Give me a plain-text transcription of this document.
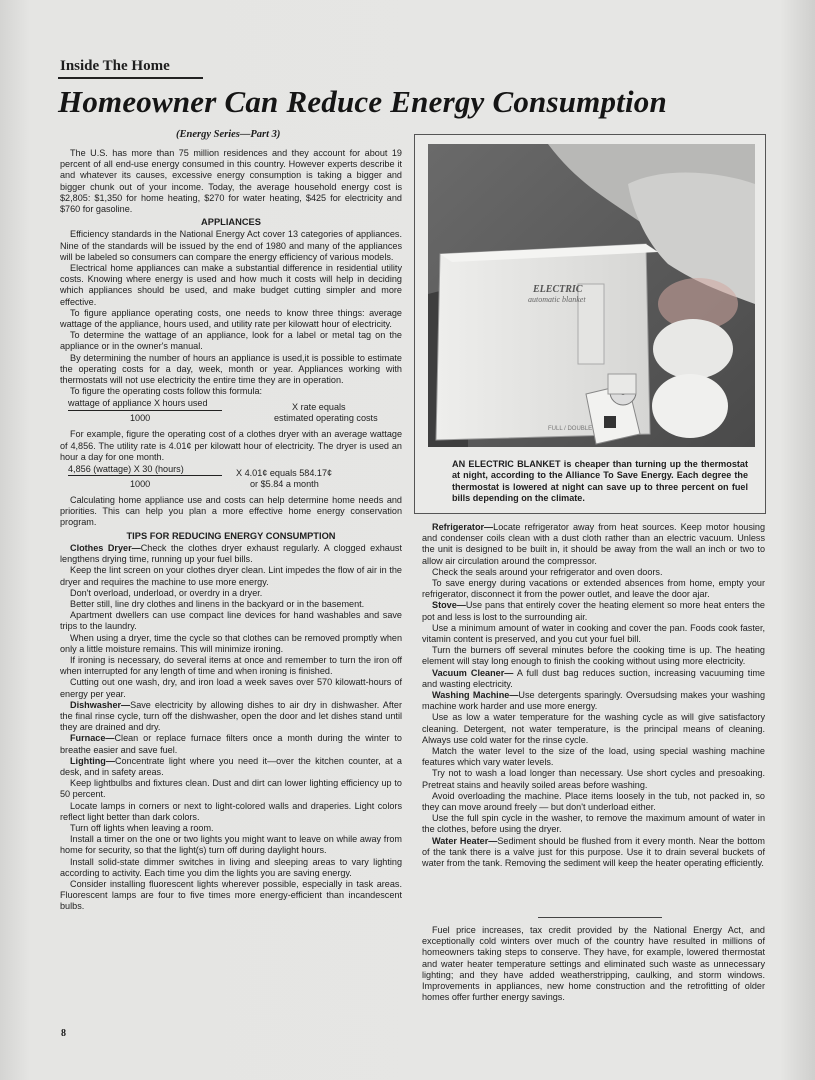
Inside The Home
Homeowner Can Reduce Energy Consumption
(Energy Series—Part 3)

The U.S. has more than 75 million residences and they account for about 19 percent of all end-use energy consumed in this country. However experts describe it and whatever its causes, excessive energy consumption is taking a bigger and bigger chunk out of your income. Today, the average household energy cost is $2,805: $1,350 for home heating, $270 for water heating, $425 for electricity and $760 for gasoline.

APPLIANCES

Efficiency standards in the National Energy Act cover 13 categories of appliances. Nine of the standards will be issued by the end of 1980 and many of the appliances will be labeled so consumers can compare the energy efficiency of various models.

Electrical home appliances can make a substantial difference in residential utility costs. Knowing where energy is used and how much it costs will help in deciding which appliances should be used, and make budget cutting simpler and more effective.

To figure appliance operating costs, one needs to know three things: average wattage of the appliance, hours used, and utility rate per kilowatt hour of electricity.

To determine the wattage of an appliance, look for a label or metal tag on the appliance or in the owner's manual.

By determining the number of hours an appliance is used,it is possible to estimate the operating costs for a day, week, month or year. Appliances working with thermostats will not use electricity the entire time they are in operation.

To figure the operating costs follow this formula:

wattage of appliance X hours used
1000
X rate equals
estimated operating costs

For example, figure the operating cost of a clothes dryer with an average wattage of 4,856. The utility rate is 4.01¢ per kilowatt hour of electricity. The dryer is used an hour a day for one month.

4,856 (wattage) X 30 (hours)
1000
X 4.01¢ equals 584.17¢
or $5.84 a month

Calculating home appliance use and costs can help determine home needs and priorities. This can help you plan a more effective home energy conservation program.

TIPS FOR REDUCING ENERGY CONSUMPTION

Clothes Dryer—Check the clothes dryer exhaust regularly. A clogged exhaust lengthens drying time, running up your fuel bills.

Keep the lint screen on your clothes dryer clean. Lint impedes the flow of air in the dryer and requires the machine to use more energy.

Don't overload, underload, or overdry in a dryer.

Better still, line dry clothes and linens in the backyard or in the basement.

Apartment dwellers can use compact line devices for hand washables and save trips to the laundry.

When using a dryer, time the cycle so that clothes can be removed promptly when only a little moisture remains. This will minimize ironing.

If ironing is necessary, do several items at once and remember to turn the iron off when interrupted for any length of time and when ironing is finished.

Cutting out one wash, dry, and iron load a week saves over 570 kilowatt-hours of energy per year.

Dishwasher—Save electricity by allowing dishes to air dry in dishwasher. After the final rinse cycle, turn off the dishwasher, open the door and let dishes stand until they are drained and dry.

Furnace—Clean or replace furnace filters once a month during the winter to breathe easier and save fuel.

Lighting—Concentrate light where you need it—over the kitchen counter, at a desk, and in safety areas.

Keep lightbulbs and fixtures clean. Dust and dirt can lower lighting efficiency up to 50 percent.

Locate lamps in corners or next to light-colored walls and draperies. Light colors reflect light better than dark colors.

Turn off lights when leaving a room.

Install a timer on the one or two lights you might want to leave on while away from home for security, so that the light(s) turn off during daylight hours.

Install solid-state dimmer switches in living and sleeping areas to vary lighting according to activity. Each time you dim the lights you are saving energy.

Consider installing fluorescent lights wherever possible, especially in task areas. Fluorescent lamps are four to five times more energy-efficient than incandescent bulbs.

ELECTRIC
automatic blanket
FULL / DOUBLE
AN ELECTRIC BLANKET is cheaper than turning up the thermostat at night, according to the Alliance To Save Energy. Each degree the thermostat is lowered at night can save up to three percent on fuel bills depending on the climate.

Refrigerator—Locate refrigerator away from heat sources. Keep motor housing and condenser coils clean with a dust cloth rather than an electric vacuum. Unless the unit is designed to be built in, it should be away from the wall an inch or two to allow air circulation around the compressor.

Check the seals around your refrigerator and oven doors.

To save energy during vacations or extended absences from home, empty your refrigerator, disconnect it from the power outlet, and leave the door ajar.

Stove—Use pans that entirely cover the heating element so more heat enters the pot and less is lost to the surrounding air.

Use a minimum amount of water in cooking and cover the pan. Foods cook faster, vitamin content is preserved, and you cut your fuel bill.

Turn the burners off several minutes before the cooking time is up. The heating element will stay long enough to finish the cooking without using more electricity.

Vacuum Cleaner— A full dust bag reduces suction, increasing vacuuming time and wasting electricity.

Washing Machine—Use detergents sparingly. Oversudsing makes your washing machine work harder and use more energy.

Use as low a water temperature for the washing cycle as will give satisfactory cleaning. Detergent, not water temperature, is the principal means of cleaning. Always use cold water for the rinse cycle.

Match the water level to the size of the load, using special washing machine features which vary water levels.

Try not to wash a load longer than necessary. Use short cycles and presoaking. Pretreat stains and heavily soiled areas before washing.

Avoid overloading the machine. Place items loosely in the tub, not packed in, so they can move around freely — but don't underload either.

Use the full spin cycle in the washer, to remove the maximum amount of water in the clothes, before using the dryer.

Water Heater—Sediment should be flushed from it every month. Near the bottom of the tank there is a valve just for this purpose. Use it to drain several buckets of water from the tank. Removing the sediment will keep the heater operating efficiently.

Fuel price increases, tax credit provided by the National Energy Act, and exceptionally cold winters over much of the country have resulted in millions of homeowners taking steps to conserve. They have, for example, lowered thermostat and water heater temperature settings and eliminated such waste as unnecessary lighting; and they have added weatherstripping, caulking, and storm windows. Improvements in appliances, new home construction and the retrofitting of older homes offer further energy savings.

8
